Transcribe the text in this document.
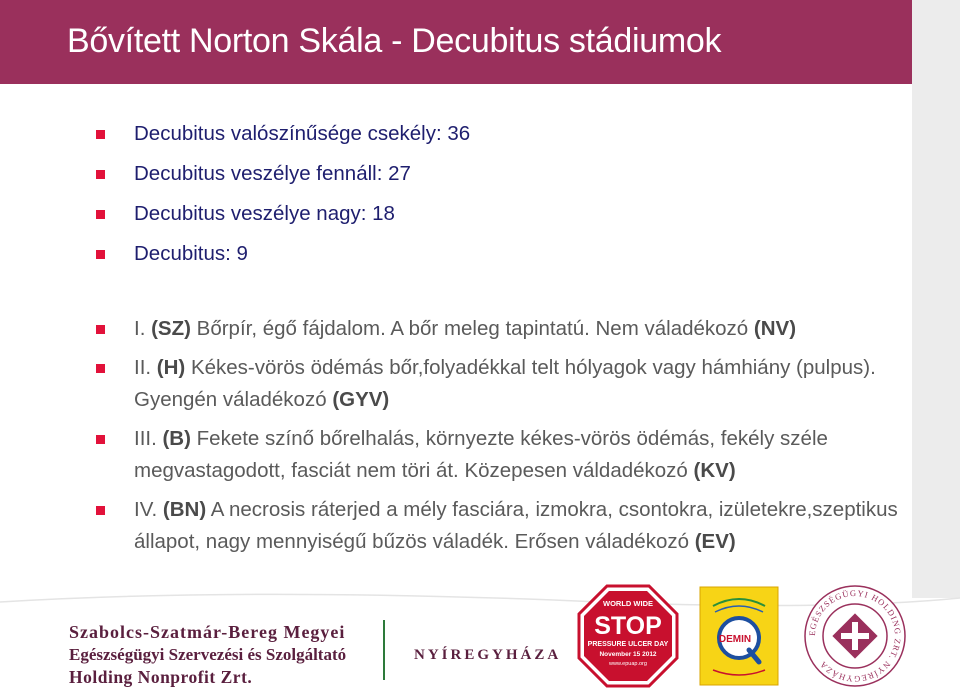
Bővített Norton Skála - Decubitus stádiumok
Decubitus valószínűsége csekély: 36
Decubitus veszélye fennáll: 27
Decubitus veszélye nagy: 18
Decubitus: 9
I. (SZ) Bőrpír, égő fájdalom. A bőr meleg tapintatú. Nem váladékozó (NV)
II. (H) Kékes-vörös ödémás bőr,folyadékkal telt hólyagok vagy hámhiány (pulpus). Gyengén váladékozó (GYV)
III. (B) Fekete színő bőrelhalás, környezte kékes-vörös ödémás, fekély széle megvastagodott, fasciát nem töri át. Közepesen váldadékozó (KV)
IV. (BN) A necrosis ráterjed a mély fasciára, izmokra, csontokra, izületekre,szeptikus állapot, nagy mennyiségű bűzös váladék. Erősen váladékozó (EV)
Szabolcs-Szatmár-Bereg Megyei
Egészségügyi Szervezési és Szolgáltató
Holding Nonprofit Zrt.
NYÍREGYHÁZA
WORLD WIDE
STOP
PRESSURE ULCER DAY
November 15 2012
www.epuap.org
DEMIN
EGÉSZSÉGÜGYI HOLDING ZRT. NYÍREGYHÁZA
